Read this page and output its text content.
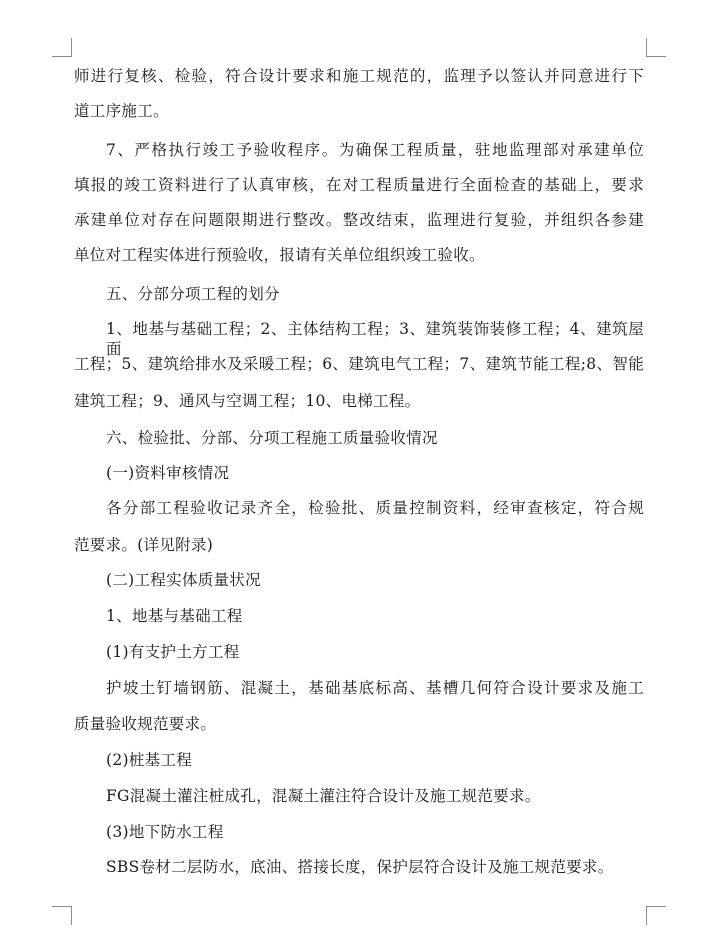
师进行复核、检验，符合设计要求和施工规范的，监理予以签认并同意进行下
道工序施工。
7、严格执行竣工予验收程序。为确保工程质量，驻地监理部对承建单位
填报的竣工资料进行了认真审核，在对工程质量进行全面检查的基础上，要求
承建单位对存在问题限期进行整改。整改结束，监理进行复验，并组织各参建
单位对工程实体进行预验收，报请有关单位组织竣工验收。
五、分部分项工程的划分
1、地基与基础工程；2、主体结构工程；3、建筑装饰装修工程；4、建筑屋面
工程；5、建筑给排水及采暖工程；6、建筑电气工程；7、建筑节能工程;8、智能
建筑工程；9、通风与空调工程；10、电梯工程。
六、检验批、分部、分项工程施工质量验收情况
(一)资料审核情况
各分部工程验收记录齐全，检验批、质量控制资料，经审查核定，符合规
范要求。(详见附录)
(二)工程实体质量状况
1、地基与基础工程
(1)有支护土方工程
护坡土钉墙钢筋、混凝土，基础基底标高、基槽几何符合设计要求及施工
质量验收规范要求。
(2)桩基工程
FG混凝土灌注桩成孔，混凝土灌注符合设计及施工规范要求。
(3)地下防水工程
SBS卷材二层防水，底油、搭接长度，保护层符合设计及施工规范要求。
